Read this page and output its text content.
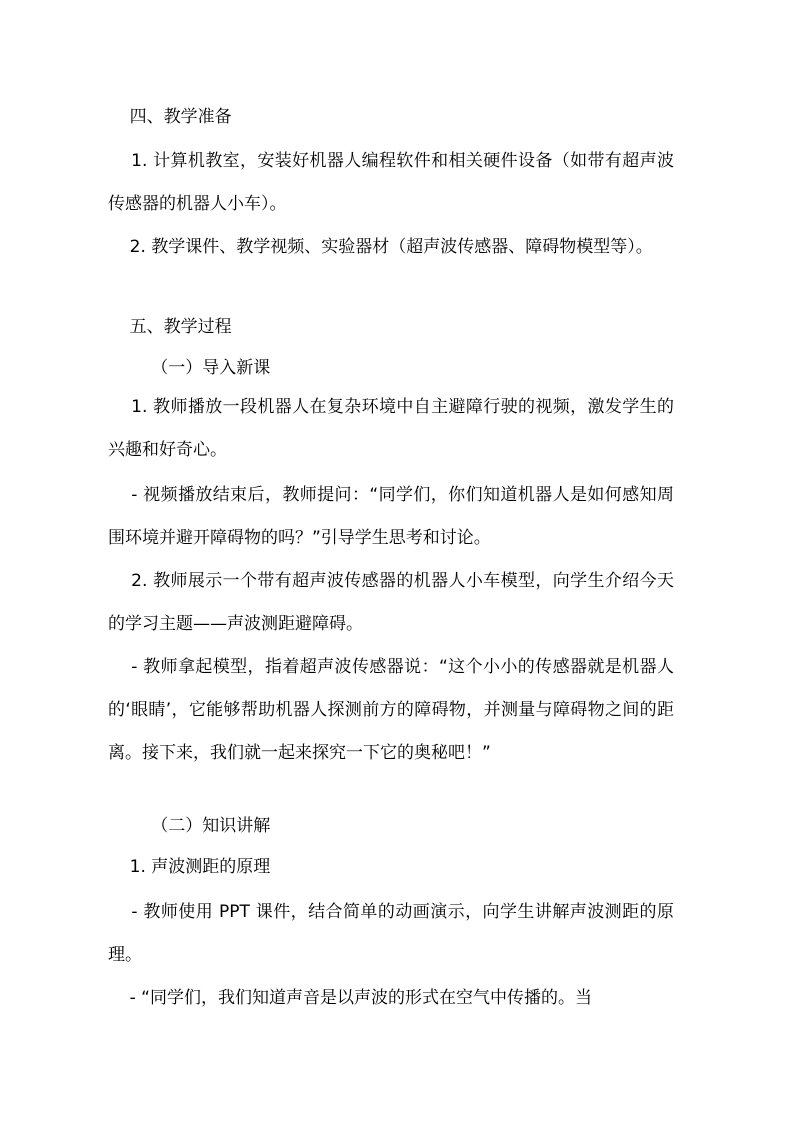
四、教学准备

1. 计算机教室，安装好机器人编程软件和相关硬件设备（如带有超声波传感器的机器人小车）。

2. 教学课件、教学视频、实验器材（超声波传感器、障碍物模型等）。

五、教学过程

（一）导入新课

1. 教师播放一段机器人在复杂环境中自主避障行驶的视频，激发学生的兴趣和好奇心。

- 视频播放结束后，教师提问：“同学们，你们知道机器人是如何感知周围环境并避开障碍物的吗？”引导学生思考和讨论。

2. 教师展示一个带有超声波传感器的机器人小车模型，向学生介绍今天的学习主题——声波测距避障碍。

- 教师拿起模型，指着超声波传感器说：“这个小小的传感器就是机器人的‘眼睛’，它能够帮助机器人探测前方的障碍物，并测量与障碍物之间的距离。接下来，我们就一起来探究一下它的奥秘吧！”

（二）知识讲解

1. 声波测距的原理

- 教师使用 PPT 课件，结合简单的动画演示，向学生讲解声波测距的原理。

- “同学们，我们知道声音是以声波的形式在空气中传播的。当
